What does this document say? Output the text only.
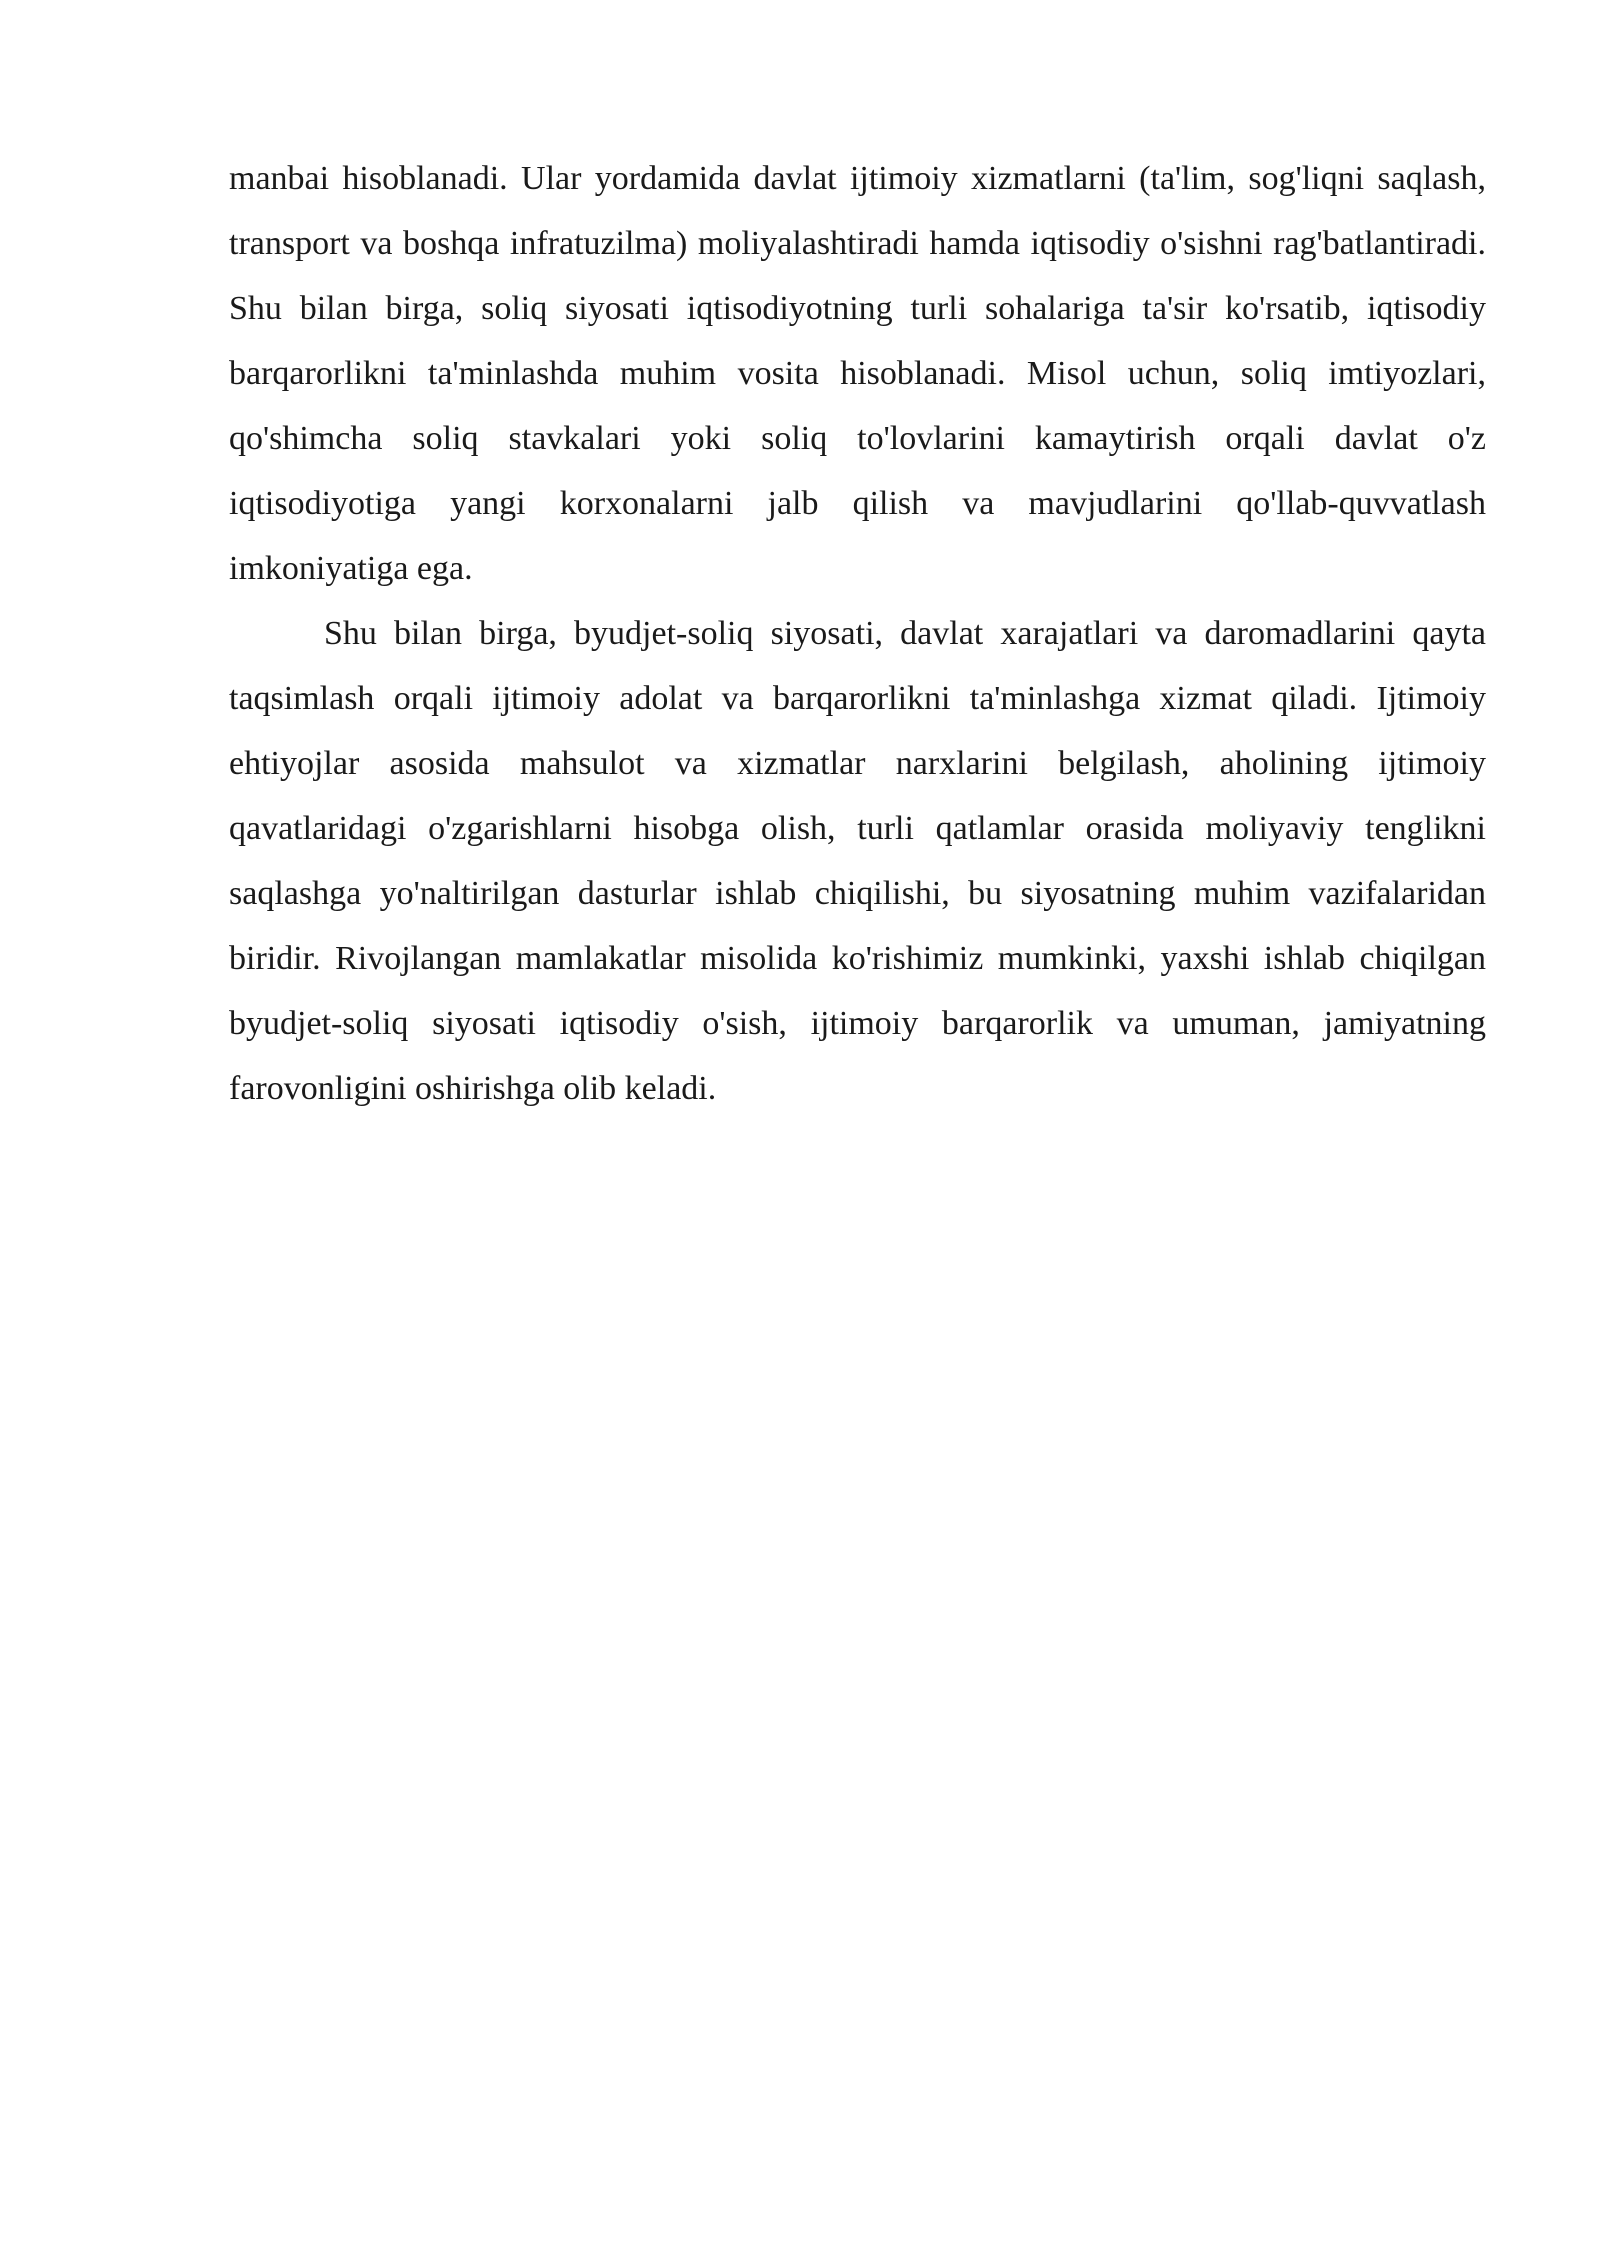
manbai hisoblanadi. Ular yordamida davlat ijtimoiy xizmatlarni (ta'lim, sog'liqni saqlash, transport va boshqa infratuzilma) moliyalashtiradi hamda iqtisodiy o'sishni rag'batlantiradi. Shu bilan birga, soliq siyosati iqtisodiyotning turli sohalariga ta'sir ko'rsatib, iqtisodiy barqarorlikni ta'minlashda muhim vosita hisoblanadi. Misol uchun, soliq imtiyozlari, qo'shimcha soliq stavkalari yoki soliq to'lovlarini kamaytirish orqali davlat o'z iqtisodiyotiga yangi korxonalarni jalb qilish va mavjudlarini qo'llab-quvvatlash imkoniyatiga ega.

Shu bilan birga, byudjet-soliq siyosati, davlat xarajatlari va daromadlarini qayta taqsimlash orqali ijtimoiy adolat va barqarorlikni ta'minlashga xizmat qiladi. Ijtimoiy ehtiyojlar asosida mahsulot va xizmatlar narxlarini belgilash, aholining ijtimoiy qavatlaridagi o'zgarishlarni hisobga olish, turli qatlamlar orasida moliyaviy tenglikni saqlashga yo'naltirilgan dasturlar ishlab chiqilishi, bu siyosatning muhim vazifalaridan biridir. Rivojlangan mamlakatlar misolida ko'rishimiz mumkinki, yaxshi ishlab chiqilgan byudjet-soliq siyosati iqtisodiy o'sish, ijtimoiy barqarorlik va umuman, jamiyatning farovonligini oshirishga olib keladi.
